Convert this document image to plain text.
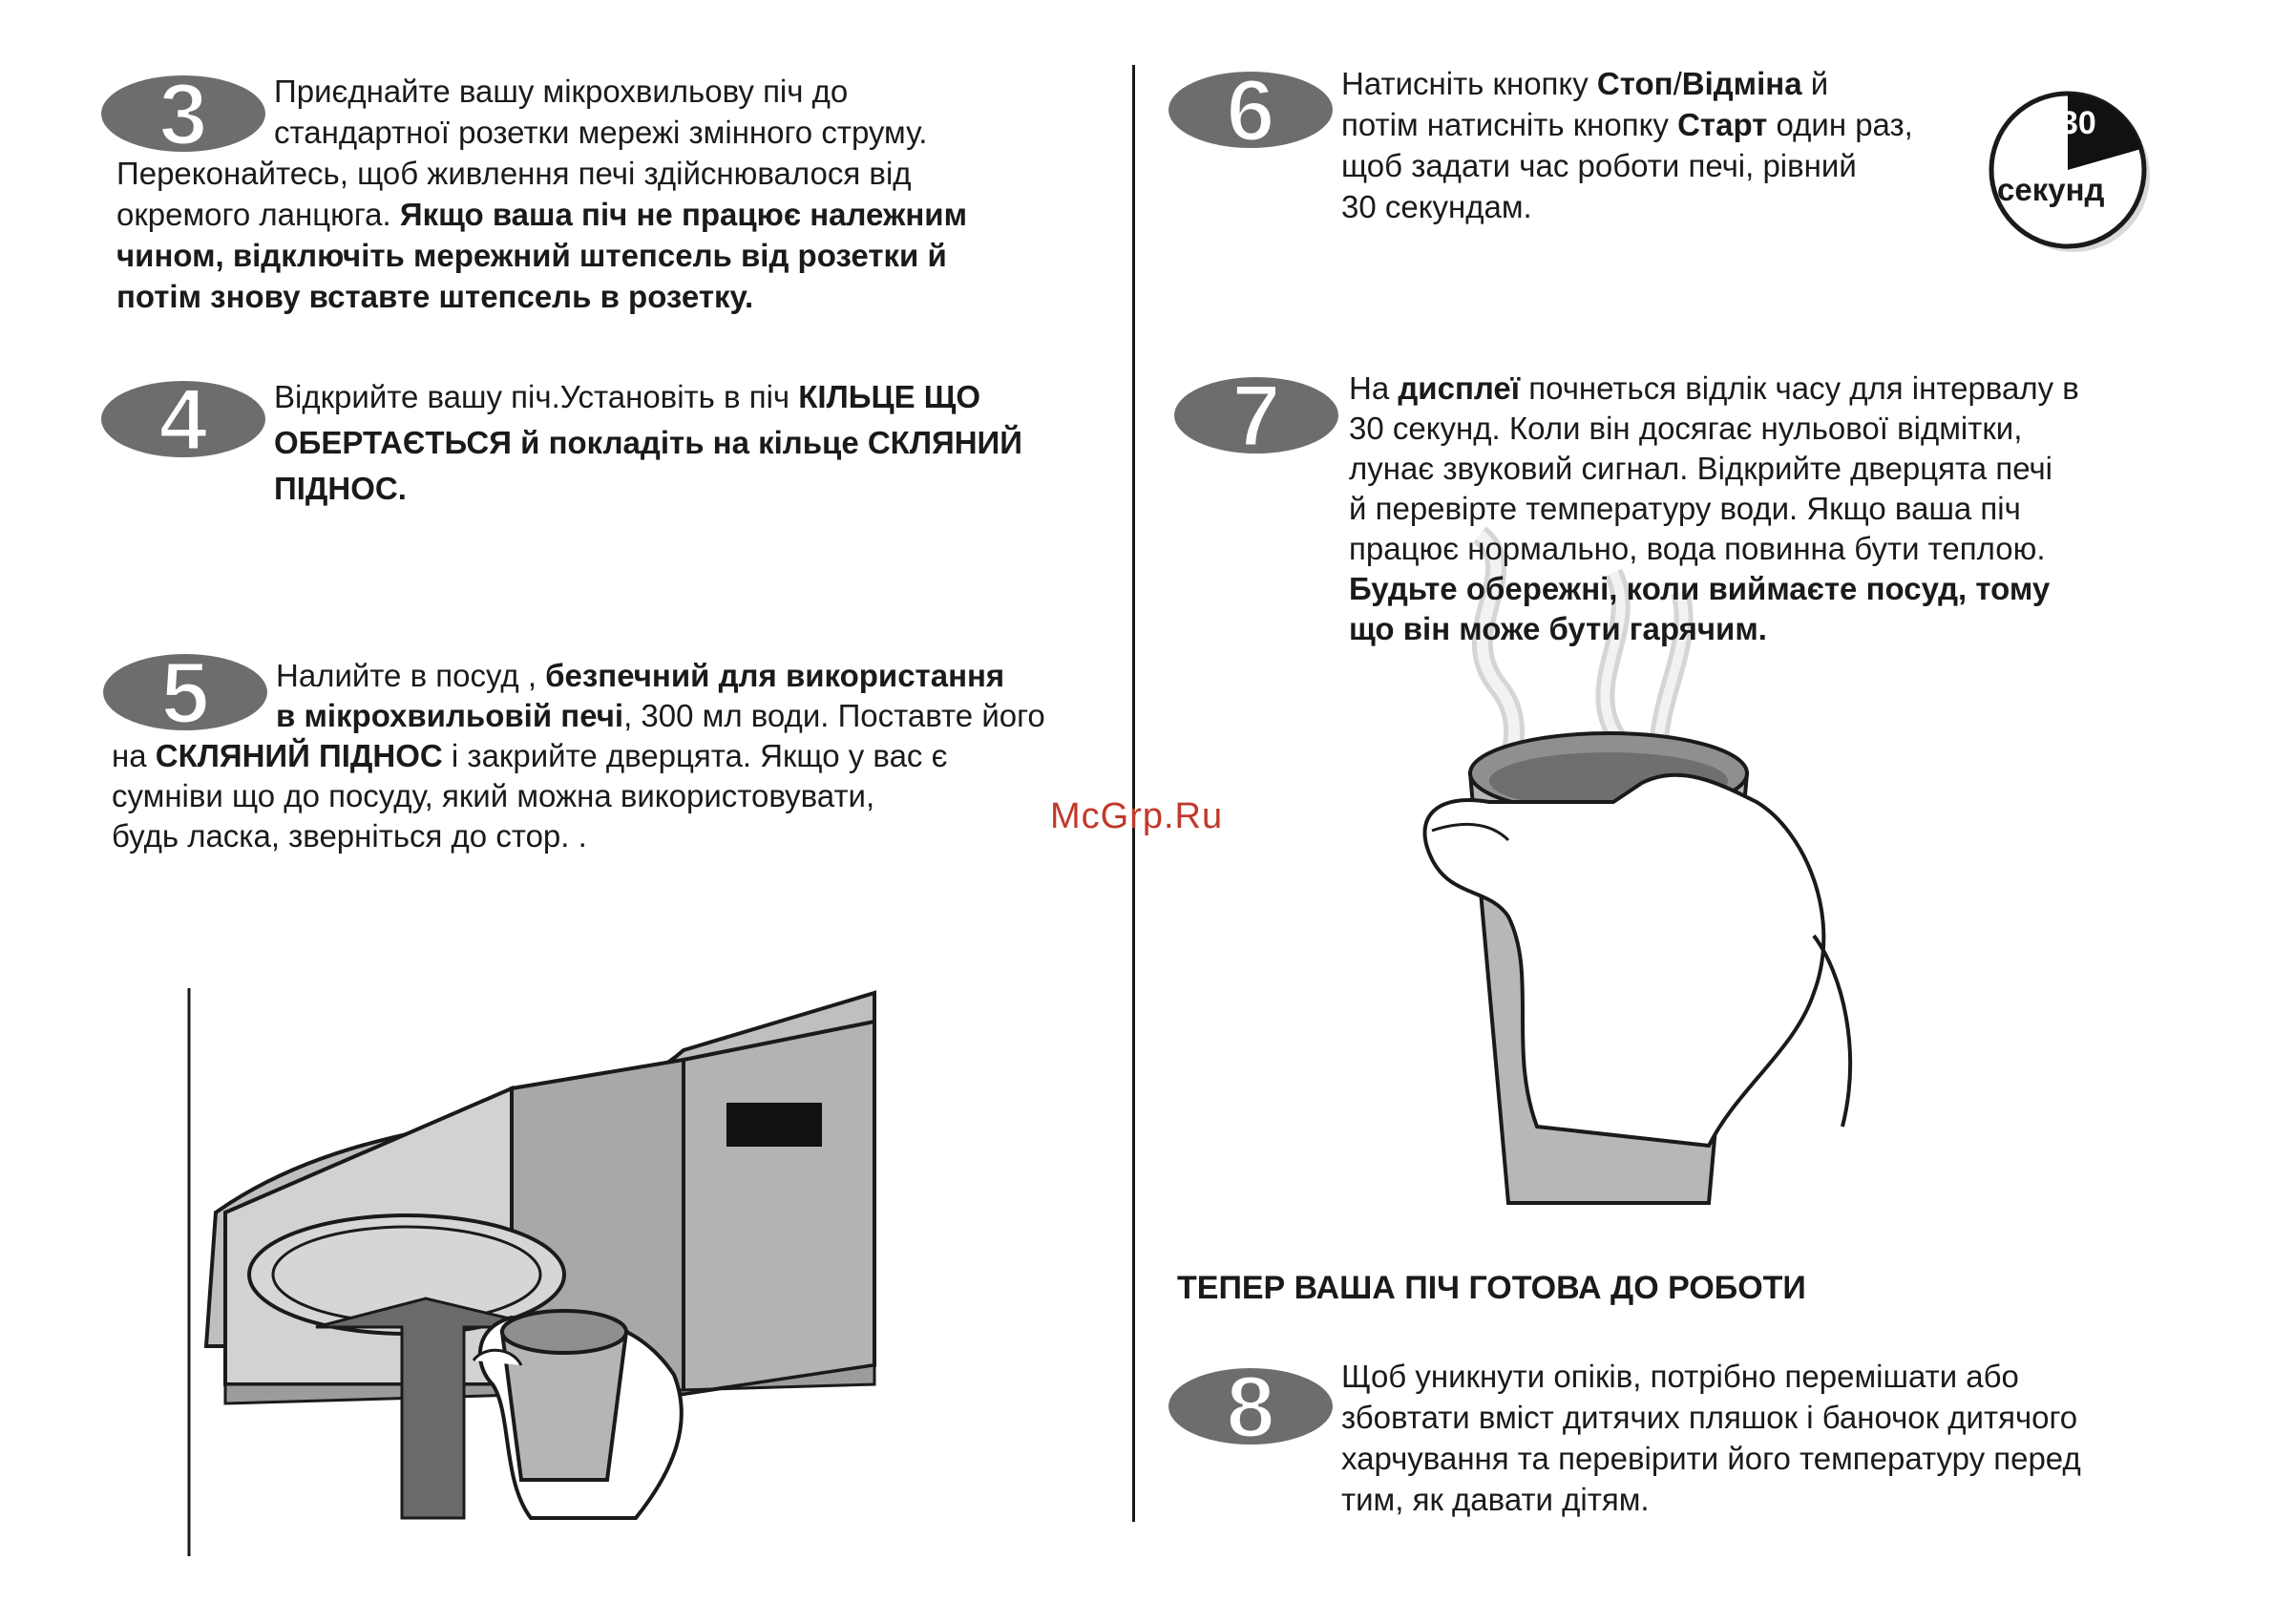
3 Приєднайте вашу мікрохвильову піч до
стандартної розетки мережі змінного струму.
Переконайтесь, щоб живлення печі здійснювалося від
окремого ланцюга. Якщо ваша піч не працює належним
чином, відключіть мережний штепсель від розетки й
потім знову вставте штепсель в розетку.

4 Відкрийте вашу піч.Установіть в піч КІЛЬЦЕ ЩО
ОБЕРТАЄТЬСЯ й покладіть на кільце СКЛЯНИЙ
ПІДНОС.

5 Налийте в посуд , безпечний для використання
в мікрохвильовій печі, 300 мл води. Поставте його
на СКЛЯНИЙ ПІДНОС і закрийте дверцята. Якщо у вас є
сумніви що до посуду, який можна використовувати,
будь ласка, зверніться до стор. .

6 Натисніть кнопку Стоп/Відміна й
потім натисніть кнопку Старт один раз,
щоб задати час роботи печі, рівний
30 секундам.

30
секунд
7 На дисплеї почнеться відлік часу для інтервалу в
30 секунд. Коли він досягає нульової відмітки,
лунає звуковий сигнал. Відкрийте дверцята печі
й перевірте температуру води. Якщо ваша піч
працює нормально, вода повинна бути теплою.
Будьте обережні, коли виймаєте посуд, тому
що він може бути гарячим.

McGrp.Ru
ТЕПЕР ВАША ПІЧ ГОТОВА ДО РОБОТИ
8 Щоб уникнути опіків, потрібно перемішати або
збовтати вміст дитячих пляшок і баночок дитячого
харчування та перевірити його температуру перед
тим, як давати дітям.
